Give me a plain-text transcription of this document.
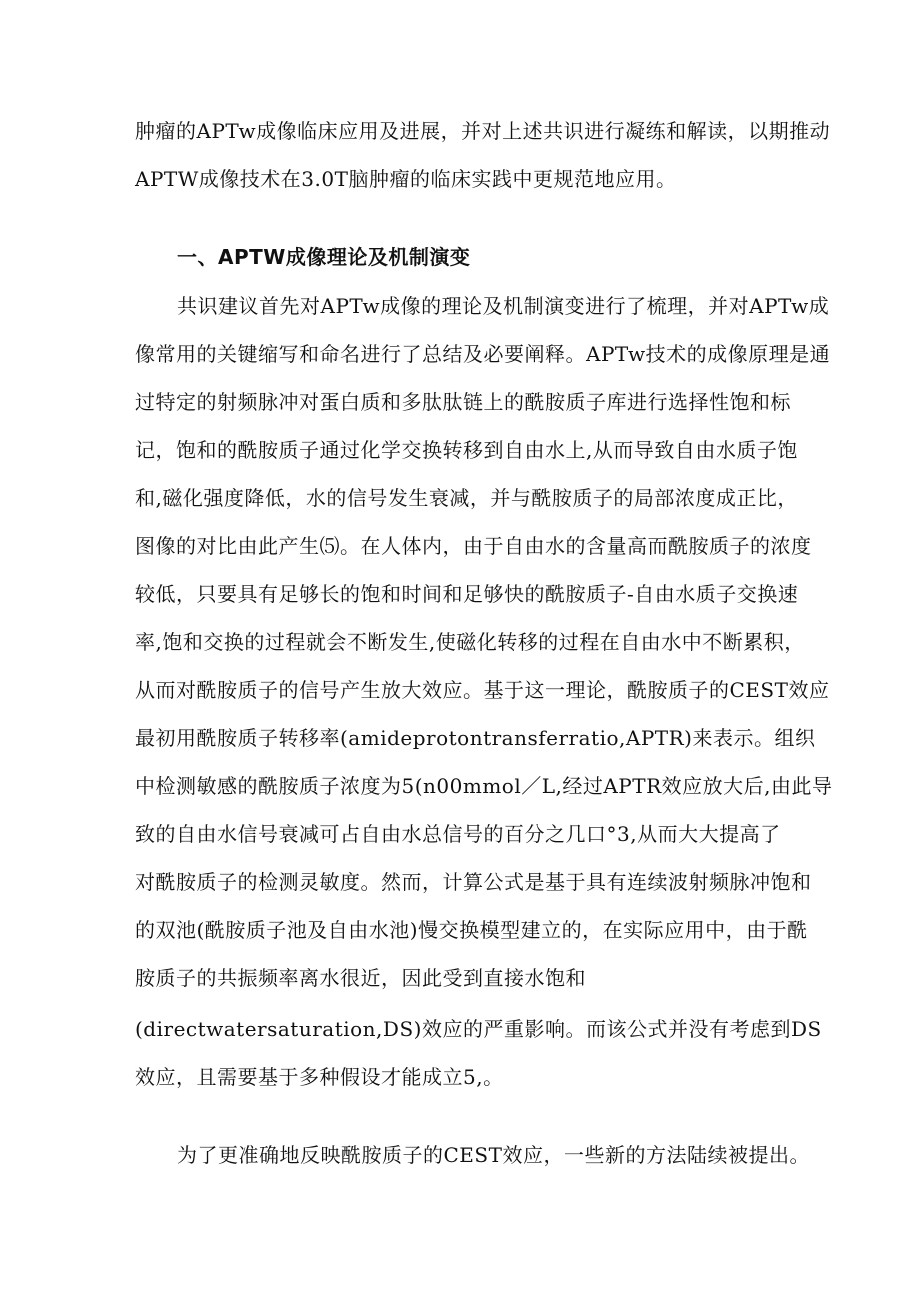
肿瘤的APTw成像临床应用及进展，并对上述共识进行凝练和解读，以期推动
APTW成像技术在3.0T脑肿瘤的临床实践中更规范地应用。
一、APTW成像理论及机制演变
共识建议首先对APTw成像的理论及机制演变进行了梳理，并对APTw成
像常用的关键缩写和命名进行了总结及必要阐释。APTw技术的成像原理是通
过特定的射频脉冲对蛋白质和多肽肽链上的酰胺质子库进行选择性饱和标
记，饱和的酰胺质子通过化学交换转移到自由水上,从而导致自由水质子饱
和,磁化强度降低，水的信号发生衰减，并与酰胺质子的局部浓度成正比，
图像的对比由此产生⑸。在人体内，由于自由水的含量高而酰胺质子的浓度
较低，只要具有足够长的饱和时间和足够快的酰胺质子-自由水质子交换速
率,饱和交换的过程就会不断发生,使磁化转移的过程在自由水中不断累积，
从而对酰胺质子的信号产生放大效应。基于这一理论，酰胺质子的CEST效应
最初用酰胺质子转移率(amideprotontransferratio,APTR)来表示。组织
中检测敏感的酰胺质子浓度为5(n00mmol／L,经过APTR效应放大后,由此导
致的自由水信号衰减可占自由水总信号的百分之几口°3,从而大大提高了
对酰胺质子的检测灵敏度。然而，计算公式是基于具有连续波射频脉冲饱和
的双池(酰胺质子池及自由水池)慢交换模型建立的，在实际应用中，由于酰
胺质子的共振频率离水很近，因此受到直接水饱和
(directwatersaturation,DS)效应的严重影响。而该公式并没有考虑到DS
效应，且需要基于多种假设才能成立5,。
为了更准确地反映酰胺质子的CEST效应，一些新的方法陆续被提出。
